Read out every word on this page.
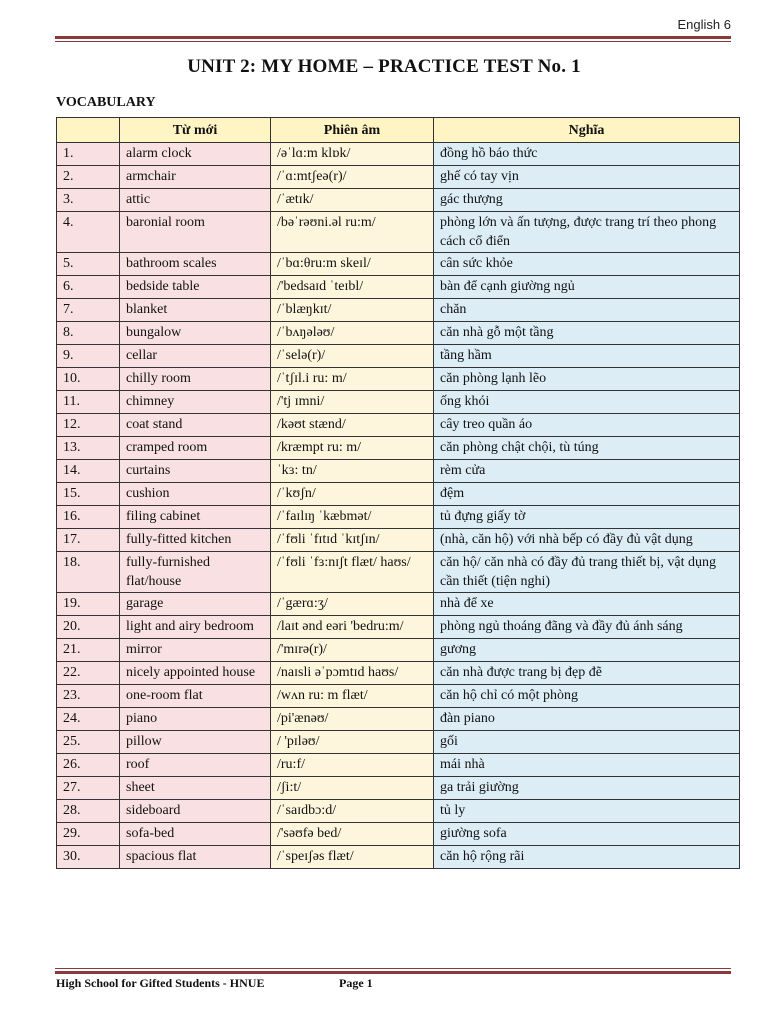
English 6
UNIT 2: MY HOME – PRACTICE TEST No. 1
VOCABULARY
	Từ mới	Phiên âm	Nghĩa
1.	alarm clock	/əˈlɑ:m klɒk/	đồng hồ báo thức
2.	armchair	/ˈɑ:mtʃeə(r)/	ghế có tay vịn
3.	attic	/ˈætɪk/	gác thượng
4.	baronial room	/bəˈrəʊni.əl ru:m/	phòng lớn và ấn tượng, được trang trí theo phong cách cổ điển
5.	bathroom scales	/ˈbɑ:θru:m skeɪl/	cân sức khỏe
6.	bedside table	/'bedsaɪd ˈteɪbl/	bàn để cạnh giường ngủ
7.	blanket	/ˈblæŋkɪt/	chăn
8.	bungalow	/ˈbʌŋələʊ/	căn nhà gỗ một tầng
9.	cellar	/ˈselə(r)/	tầng hầm
10.	chilly room	/ˈtʃɪl.i ru: m/	căn phòng lạnh lẽo
11.	chimney	/'tj ɪmni/	ống khói
12.	coat stand	/kəʊt stænd/	cây treo quần áo
13.	cramped room	/kræmpt ru: m/	căn phòng chật chội, tù túng
14.	curtains	ˈkɜ: tn/	rèm cửa
15.	cushion	/ˈkʊʃn/	đệm
16.	filing cabinet	/ˈfaɪlɪŋ ˈkæbmət/	tủ đựng giấy tờ
17.	fully-fitted kitchen	/ˈfʊli ˈfɪtɪd ˈkɪtʃɪn/	(nhà, căn hộ) với nhà bếp có đầy đủ vật dụng
18.	fully-furnished flat/house	/ˈfʊli ˈfɜ:nɪʃt flæt/ haʊs/	căn hộ/ căn nhà có đầy đủ trang thiết bị, vật dụng cần thiết (tiện nghi)
19.	garage	/ˈgærɑ:ʒ/	nhà để xe
20.	light and airy bedroom	/laɪt ənd eəri 'bedru:m/	phòng ngủ thoáng đãng và đầy đủ ánh sáng
21.	mirror	/'mɪrə(r)/	gương
22.	nicely appointed house	/naɪsli əˈpɔmtɪd haʊs/	căn nhà được trang bị đẹp đẽ
23.	one-room flat	/wʌn ru: m flæt/	căn hộ chỉ có một phòng
24.	piano	/pi'ænəʊ/	đàn piano
25.	pillow	/ 'pɪləʊ/	gối
26.	roof	/ru:f/	mái nhà
27.	sheet	/ʃi:t/	ga trải giường
28.	sideboard	/ˈsaɪdbɔ:d/	tủ ly
29.	sofa-bed	/'səʊfə bed/	giường sofa
30.	spacious flat	/ˈspeɪʃəs flæt/	căn hộ rộng rãi
High School for Gifted Students - HNUE	Page 1
